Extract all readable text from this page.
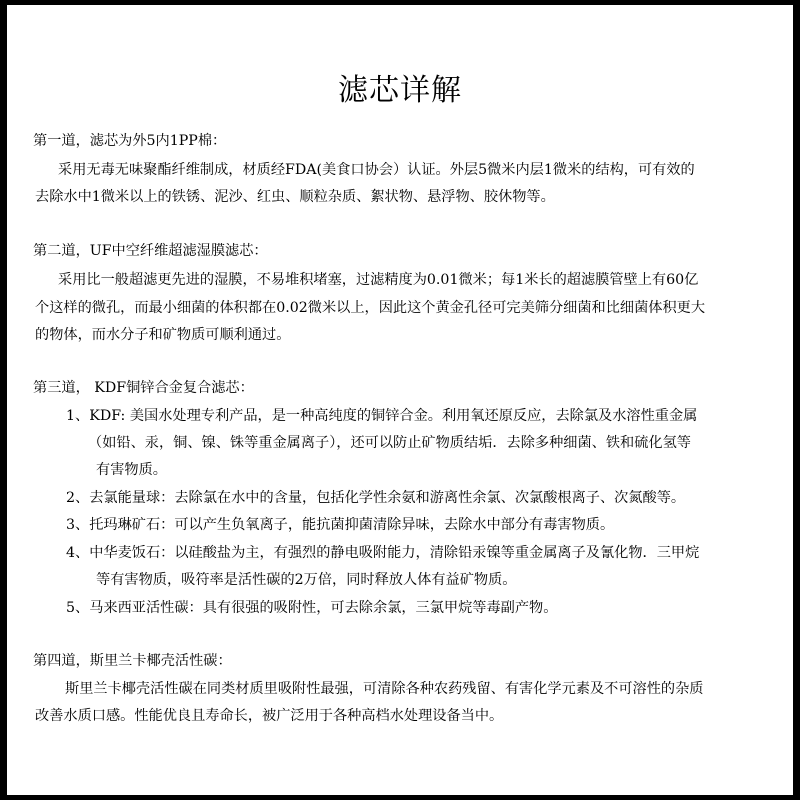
滤芯详解
第一道，滤芯为外5内1PP棉：
采用无毒无味聚酯纤维制成，材质经FDA(美食口协会）认证。外层5微米内层1微米的结构，可有效的
去除水中1微米以上的铁锈、泥沙、红虫、顺粒杂质、絮状物、悬浮物、胶休物等。
第二道，UF中空纤维超滤湿膜滤芯：
采用比一般超滤更先进的湿膜，不易堆积堵塞，过滤精度为0.01微米；每1米长的超滤膜管壁上有60亿
个这样的微孔，而最小细菌的体积都在0.02微米以上，因此这个黄金孔径可完美筛分细菌和比细菌体积更大
的物体，而水分子和矿物质可顺利通过。
第三道， KDF铜锌合金复合滤芯：
1、KDF: 美国水处理专利产品，是一种高纯度的铜锌合金。利用氧还原反应，去除氯及水溶性重金属
（如铅、汞，铜、镍、铢等重金属离子），还可以防止矿物质结垢．去除多种细菌、铁和硫化氢等
有害物质。
2、去氯能量球：去除氯在水中的含量，包括化学性余氨和游离性余氯、次氯酸根离子、次氮酸等。
3、托玛琳矿石：可以产生负氧离子，能抗菌抑菌清除异味，去除水中部分有毒害物质。
4、中华麦饭石：以硅酸盐为主，有强烈的静电吸附能力，清除铅汞镍等重金属离子及氰化物．三甲烷
等有害物质，吸符率是活性碳的2万倍，同时释放人体有益矿物质。
5、马来西亚活性碳：具有很强的吸附性，可去除余氯，三氯甲烷等毒副产物。
第四道，斯里兰卡椰壳活性碳：
斯里兰卡椰壳活性碳在同类材质里吸附性最强，可清除各种农药残留、有害化学元素及不可溶性的杂质
改善水质口感。性能优良且寿命长，被广泛用于各种高档水处理设备当中。
